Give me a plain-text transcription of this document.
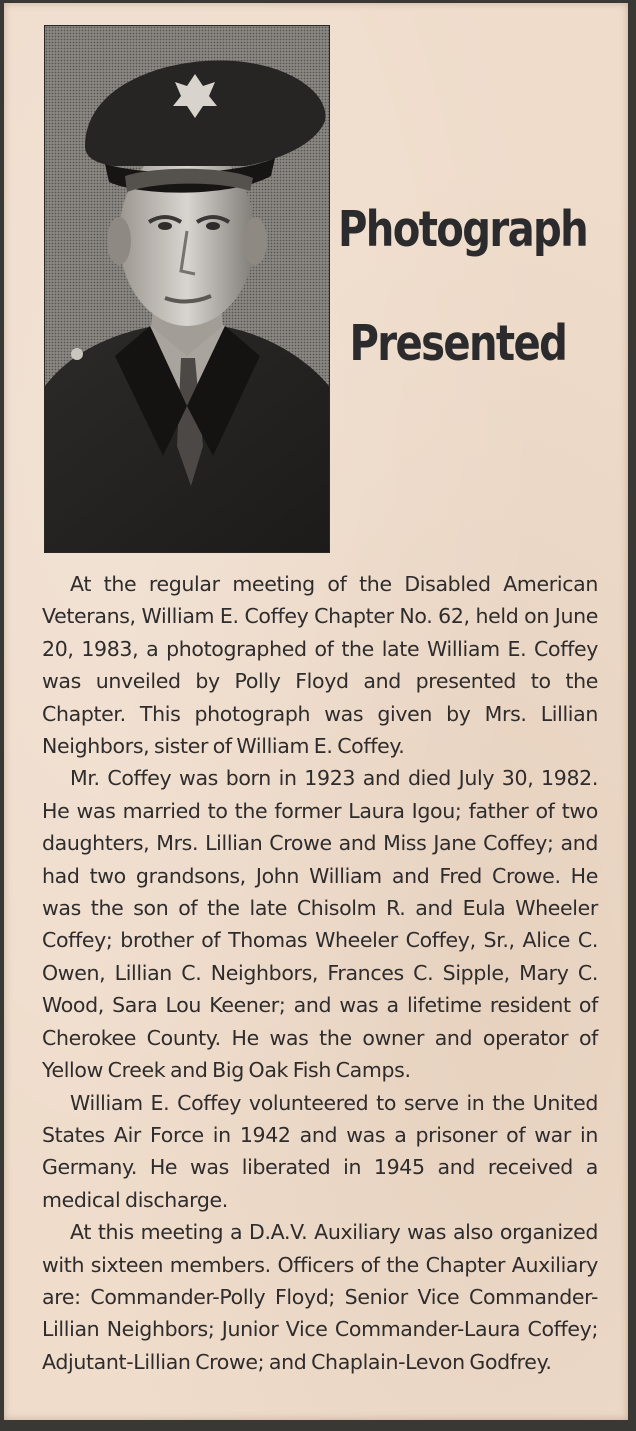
Photograph
Presented

At the regular meeting of the Disabled American Veterans, William E. Coffey Chapter No. 62, held on June 20, 1983, a photographed of the late William E. Coffey was unveiled by Polly Floyd and presented to the Chapter. This photograph was given by Mrs. Lillian Neighbors, sister of William E. Coffey.

Mr. Coffey was born in 1923 and died July 30, 1982. He was married to the former Laura Igou; father of two daughters, Mrs. Lillian Crowe and Miss Jane Coffey; and had two grandsons, John William and Fred Crowe. He was the son of the late Chisolm R. and Eula Wheeler Coffey; brother of Thomas Wheeler Coffey, Sr., Alice C. Owen, Lillian C. Neighbors, Frances C. Sipple, Mary C. Wood, Sara Lou Keener; and was a lifetime resident of Cherokee County. He was the owner and operator of Yellow Creek and Big Oak Fish Camps.

William E. Coffey volunteered to serve in the United States Air Force in 1942 and was a prisoner of war in Germany. He was liberated in 1945 and received a medical discharge.

At this meeting a D.A.V. Auxiliary was also organized with sixteen members. Officers of the Chapter Auxiliary are: Commander-Polly Floyd; Senior Vice Commander-Lillian Neighbors; Junior Vice Commander-Laura Coffey; Adjutant-Lillian Crowe; and Chaplain-Levon Godfrey.
